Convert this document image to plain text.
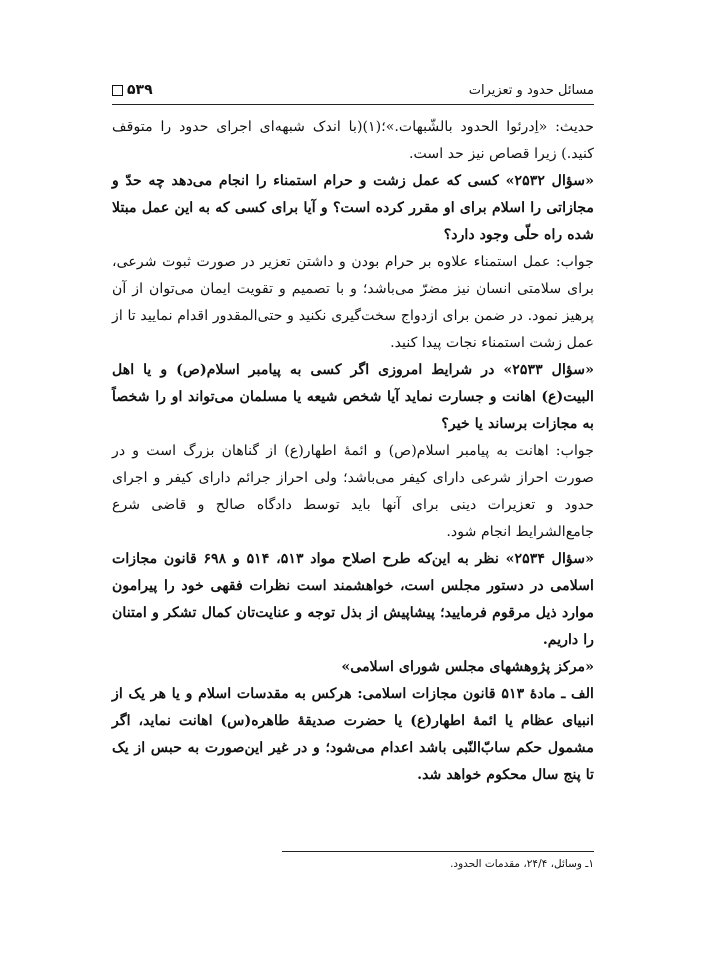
مسائل حدود و تعزیرات
۵۳۹

حدیث: «اِدرئوا الحدود بالشّبهات.»؛(۱)(با اندک شبهه‌ای اجرای حدود را متوقف کنید.) زیرا قصاص نیز حد است.

«سؤال ۲۵۳۲» کسی که عمل زشت و حرام استمناء را انجام می‌دهد چه حدّ و مجازاتی را اسلام برای او مقرر کرده است؟ و آیا برای کسی که به این عمل مبتلا شده راه حلّی وجود دارد؟

جواب: عمل استمناء علاوه بر حرام بودن و داشتن تعزیر در صورت ثبوت شرعی، برای سلامتی انسان نیز مضرّ می‌باشد؛ و با تصمیم و تقویت ایمان می‌توان از آن پرهیز نمود. در ضمن برای ازدواج سخت‌گیری نکنید و حتی‌المقدور اقدام نمایید تا از عمل زشت استمناء نجات پیدا کنید.

«سؤال ۲۵۳۳» در شرایط امروزی اگر کسی به پیامبر اسلام(ص) و یا اهل البیت(ع) اهانت و جسارت نماید آیا شخص شیعه یا مسلمان می‌تواند او را شخصاً به مجازات برساند یا خیر؟

جواب: اهانت به پیامبر اسلام(ص) و ائمهٔ اطهار(ع) از گناهان بزرگ است و در صورت احراز شرعی دارای کیفر می‌باشد؛ ولی احراز جرائم دارای کیفر و اجرای حدود و تعزیرات دینی برای آنها باید توسط دادگاه صالح و قاضی شرع جامع‌الشرایط انجام شود.

«سؤال ۲۵۳۴» نظر به این‌که طرح اصلاح مواد ۵۱۳، ۵۱۴ و ۶۹۸ قانون مجازات اسلامی در دستور مجلس است، خواهشمند است نظرات فقهی خود را پیرامون موارد ذیل مرقوم فرمایید؛ پیشاپیش از بذل توجه و عنایت‌تان کمال تشکر و امتنان را داریم.

«مرکز پژوهشهای مجلس شورای اسلامی»

الف ـ مادهٔ ۵۱۳ قانون مجازات اسلامی: هرکس به مقدسات اسلام و یا هر یک از انبیای عظام یا ائمهٔ اطهار(ع) یا حضرت صدیقهٔ طاهره(س) اهانت نماید، اگر مشمول حکم سابّ‌النّبی باشد اعدام می‌شود؛ و در غیر این‌صورت به حبس از یک تا پنج سال محکوم خواهد شد.

۱ـ وسائل، ۲۴/۴، مقدمات الحدود.
